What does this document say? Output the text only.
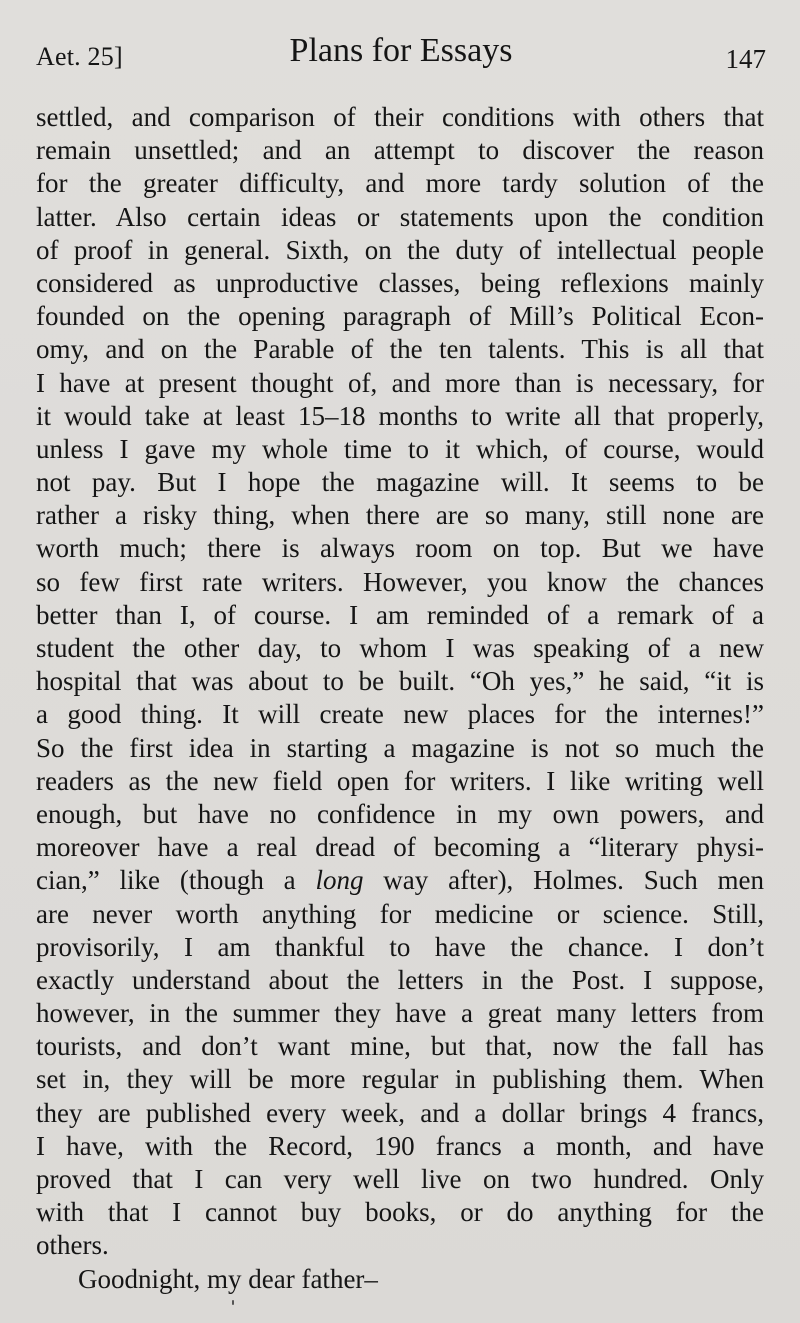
Aet. 25]	Plans for Essays	147
settled, and comparison of their conditions with others that
remain unsettled; and an attempt to discover the reason
for the greater difficulty, and more tardy solution of the
latter. Also certain ideas or statements upon the condition
of proof in general. Sixth, on the duty of intellectual people
considered as unproductive classes, being reflexions mainly
founded on the opening paragraph of Mill’s Political Econ-
omy, and on the Parable of the ten talents. This is all that
I have at present thought of, and more than is necessary, for
it would take at least 15–18 months to write all that properly,
unless I gave my whole time to it which, of course, would
not pay. But I hope the magazine will. It seems to be
rather a risky thing, when there are so many, still none are
worth much; there is always room on top. But we have
so few first rate writers. However, you know the chances
better than I, of course. I am reminded of a remark of a
student the other day, to whom I was speaking of a new
hospital that was about to be built. “Oh yes,” he said, “it is
a good thing. It will create new places for the internes!”
So the first idea in starting a magazine is not so much the
readers as the new field open for writers. I like writing well
enough, but have no confidence in my own powers, and
moreover have a real dread of becoming a “literary physi-
cian,” like (though a long way after), Holmes. Such men
are never worth anything for medicine or science. Still,
provisorily, I am thankful to have the chance. I don’t
exactly understand about the letters in the Post. I suppose,
however, in the summer they have a great many letters from
tourists, and don’t want mine, but that, now the fall has
set in, they will be more regular in publishing them. When
they are published every week, and a dollar brings 4 francs,
I have, with the Record, 190 francs a month, and have
proved that I can very well live on two hundred. Only
with that I cannot buy books, or do anything for the
others.
Goodnight, my dear father–
